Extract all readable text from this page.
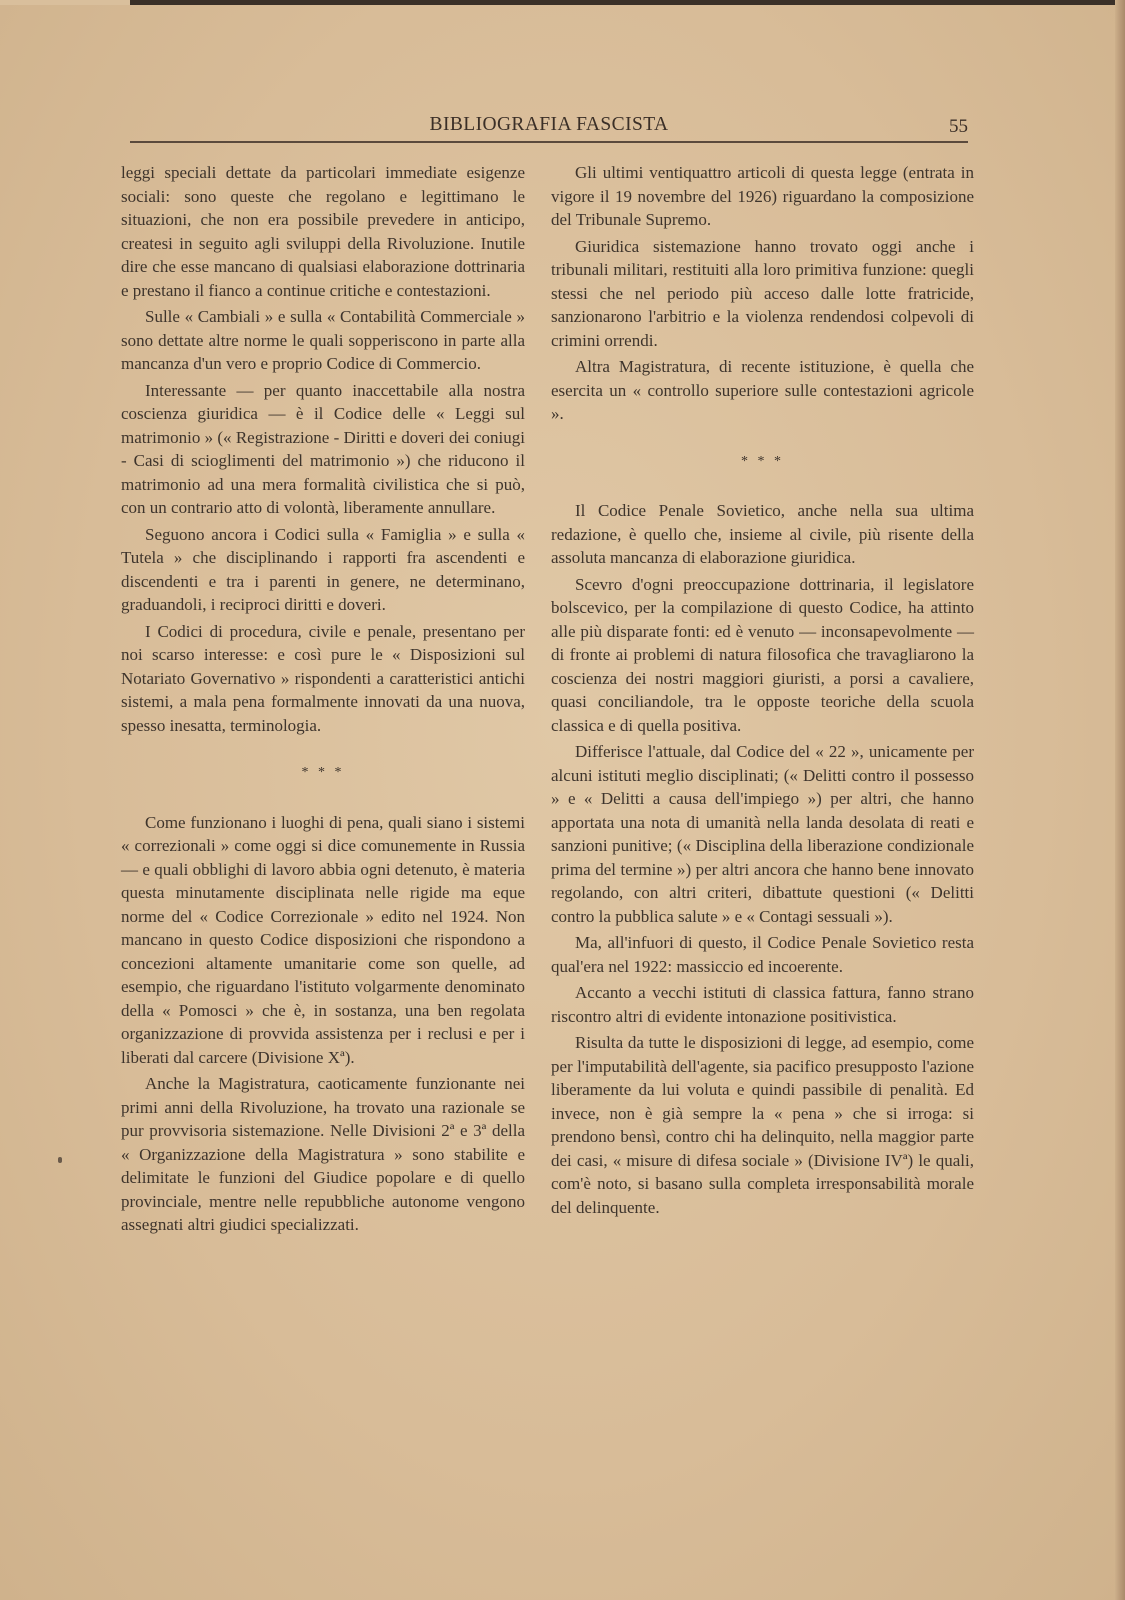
BIBLIOGRAFIA FASCISTA	55

leggi speciali dettate da particolari immediate esigenze sociali: sono queste che regolano e legittimano le situazioni, che non era possibile prevedere in anticipo, createsi in seguito agli sviluppi della Rivoluzione. Inutile dire che esse mancano di qualsiasi elaborazione dottrinaria e prestano il fianco a continue critiche e contestazioni.

Sulle « Cambiali » e sulla « Contabilità Commerciale » sono dettate altre norme le quali sopperiscono in parte alla mancanza d'un vero e proprio Codice di Commercio.

Interessante — per quanto inaccettabile alla nostra coscienza giuridica — è il Codice delle « Leggi sul matrimonio » (« Registrazione - Diritti e doveri dei coniugi - Casi di scioglimenti del matrimonio ») che riducono il matrimonio ad una mera formalità civilistica che si può, con un contrario atto di volontà, liberamente annullare.

Seguono ancora i Codici sulla « Famiglia » e sulla « Tutela » che disciplinando i rapporti fra ascendenti e discendenti e tra i parenti in genere, ne determinano, graduandoli, i reciproci diritti e doveri.

I Codici di procedura, civile e penale, presentano per noi scarso interesse: e così pure le « Disposizioni sul Notariato Governativo » rispondenti a caratteristici antichi sistemi, a mala pena formalmente innovati da una nuova, spesso inesatta, terminologia.

* * *

Come funzionano i luoghi di pena, quali siano i sistemi « correzionali » come oggi si dice comunemente in Russia — e quali obblighi di lavoro abbia ogni detenuto, è materia questa minutamente disciplinata nelle rigide ma eque norme del « Codice Correzionale » edito nel 1924. Non mancano in questo Codice disposizioni che rispondono a concezioni altamente umanitarie come son quelle, ad esempio, che riguardano l'istituto volgarmente denominato della « Pomosci » che è, in sostanza, una ben regolata organizzazione di provvida assistenza per i reclusi e per i liberati dal carcere (Divisione Xª).

Anche la Magistratura, caoticamente funzionante nei primi anni della Rivoluzione, ha trovato una razionale se pur provvisoria sistemazione. Nelle Divisioni 2ª e 3ª della « Organizzazione della Magistratura » sono stabilite e delimitate le funzioni del Giudice popolare e di quello provinciale, mentre nelle repubbliche autonome vengono assegnati altri giudici specializzati.

Gli ultimi ventiquattro articoli di questa legge (entrata in vigore il 19 novembre del 1926) riguardano la composizione del Tribunale Supremo.

Giuridica sistemazione hanno trovato oggi anche i tribunali militari, restituiti alla loro primitiva funzione: quegli stessi che nel periodo più acceso dalle lotte fratricide, sanzionarono l'arbitrio e la violenza rendendosi colpevoli di crimini orrendi.

Altra Magistratura, di recente istituzione, è quella che esercita un « controllo superiore sulle contestazioni agricole ».

* * *

Il Codice Penale Sovietico, anche nella sua ultima redazione, è quello che, insieme al civile, più risente della assoluta mancanza di elaborazione giuridica.

Scevro d'ogni preoccupazione dottrinaria, il legislatore bolscevico, per la compilazione di questo Codice, ha attinto alle più disparate fonti: ed è venuto — inconsapevolmente — di fronte ai problemi di natura filosofica che travagliarono la coscienza dei nostri maggiori giuristi, a porsi a cavaliere, quasi conciliandole, tra le opposte teoriche della scuola classica e di quella positiva.

Differisce l'attuale, dal Codice del « 22 », unicamente per alcuni istituti meglio disciplinati; (« Delitti contro il possesso » e « Delitti a causa dell'impiego ») per altri, che hanno apportata una nota di umanità nella landa desolata di reati e sanzioni punitive; (« Disciplina della liberazione condizionale prima del termine ») per altri ancora che hanno bene innovato regolando, con altri criteri, dibattute questioni (« Delitti contro la pubblica salute » e « Contagi sessuali »).

Ma, all'infuori di questo, il Codice Penale Sovietico resta qual'era nel 1922: massiccio ed incoerente.

Accanto a vecchi istituti di classica fattura, fanno strano riscontro altri di evidente intonazione positivistica.

Risulta da tutte le disposizioni di legge, ad esempio, come per l'imputabilità dell'agente, sia pacifico presupposto l'azione liberamente da lui voluta e quindi passibile di penalità. Ed invece, non è già sempre la « pena » che si irroga: si prendono bensì, contro chi ha delinquito, nella maggior parte dei casi, « misure di difesa sociale » (Divisione IVª) le quali, com'è noto, si basano sulla completa irresponsabilità morale del delinquente.
